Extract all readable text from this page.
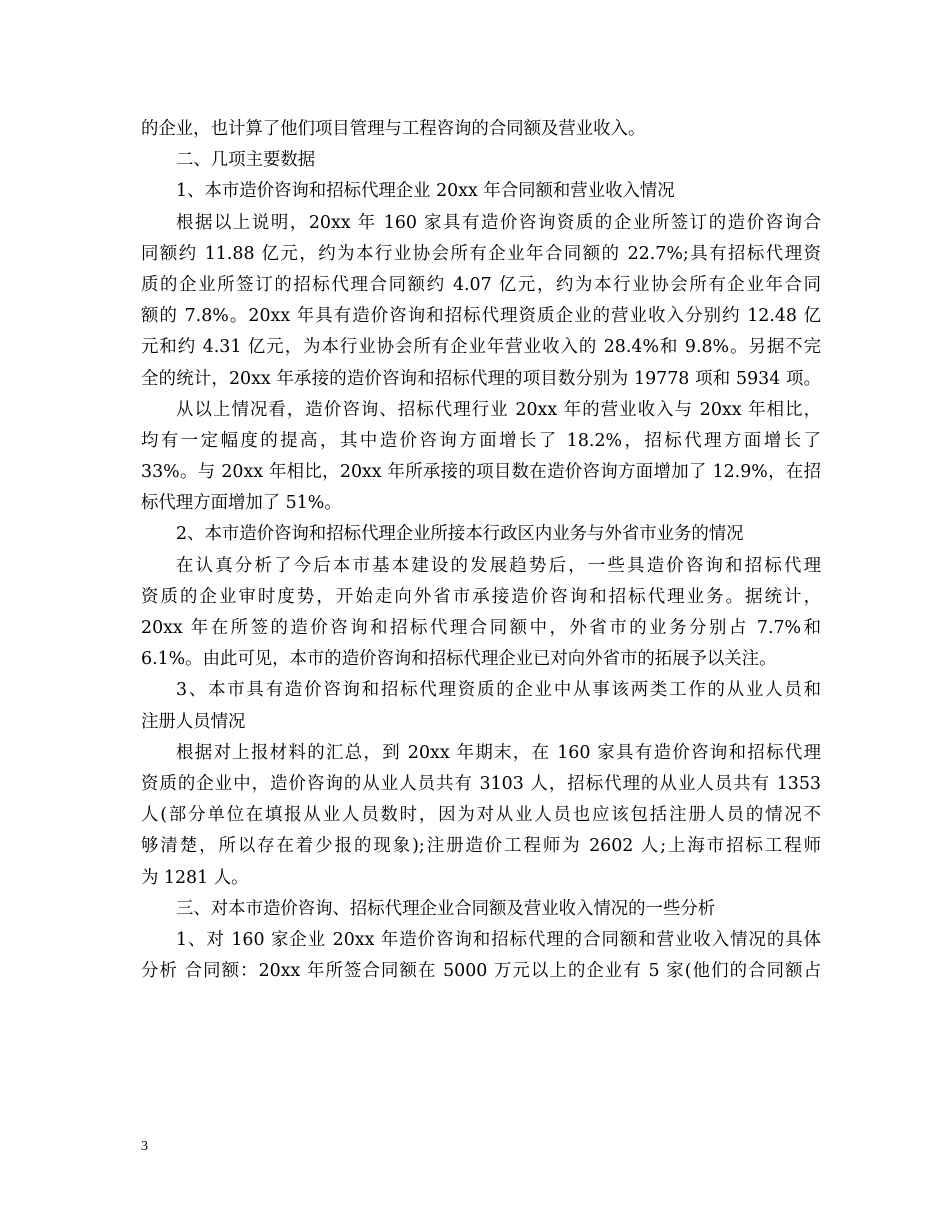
的企业，也计算了他们项目管理与工程咨询的合同额及营业收入。

二、几项主要数据

1、本市造价咨询和招标代理企业 20xx 年合同额和营业收入情况

根据以上说明，20xx 年 160 家具有造价咨询资质的企业所签订的造价咨询合

同额约 11.88 亿元，约为本行业协会所有企业年合同额的 22.7%;具有招标代理资

质的企业所签订的招标代理合同额约 4.07 亿元，约为本行业协会所有企业年合同

额的 7.8%。20xx 年具有造价咨询和招标代理资质企业的营业收入分别约 12.48 亿

元和约 4.31 亿元，为本行业协会所有企业年营业收入的 28.4%和 9.8%。另据不完

全的统计，20xx 年承接的造价咨询和招标代理的项目数分别为 19778 项和 5934 项。

从以上情况看，造价咨询、招标代理行业 20xx 年的营业收入与 20xx 年相比，

均有一定幅度的提高，其中造价咨询方面增长了 18.2%，招标代理方面增长了

33%。与 20xx 年相比，20xx 年所承接的项目数在造价咨询方面增加了 12.9%，在招

标代理方面增加了 51%。

2、本市造价咨询和招标代理企业所接本行政区内业务与外省市业务的情况

在认真分析了今后本市基本建设的发展趋势后，一些具造价咨询和招标代理

资质的企业审时度势，开始走向外省市承接造价咨询和招标代理业务。据统计，

20xx 年在所签的造价咨询和招标代理合同额中，外省市的业务分别占 7.7%和

6.1%。由此可见，本市的造价咨询和招标代理企业已对向外省市的拓展予以关注。

3、本市具有造价咨询和招标代理资质的企业中从事该两类工作的从业人员和

注册人员情况

根据对上报材料的汇总，到 20xx 年期末，在 160 家具有造价咨询和招标代理

资质的企业中，造价咨询的从业人员共有 3103 人，招标代理的从业人员共有 1353

人(部分单位在填报从业人员数时，因为对从业人员也应该包括注册人员的情况不

够清楚，所以存在着少报的现象);注册造价工程师为 2602 人;上海市招标工程师

为 1281 人。

三、对本市造价咨询、招标代理企业合同额及营业收入情况的一些分析

1、对 160 家企业 20xx 年造价咨询和招标代理的合同额和营业收入情况的具体

分析 合同额：20xx 年所签合同额在 5000 万元以上的企业有 5 家(他们的合同额占

3
